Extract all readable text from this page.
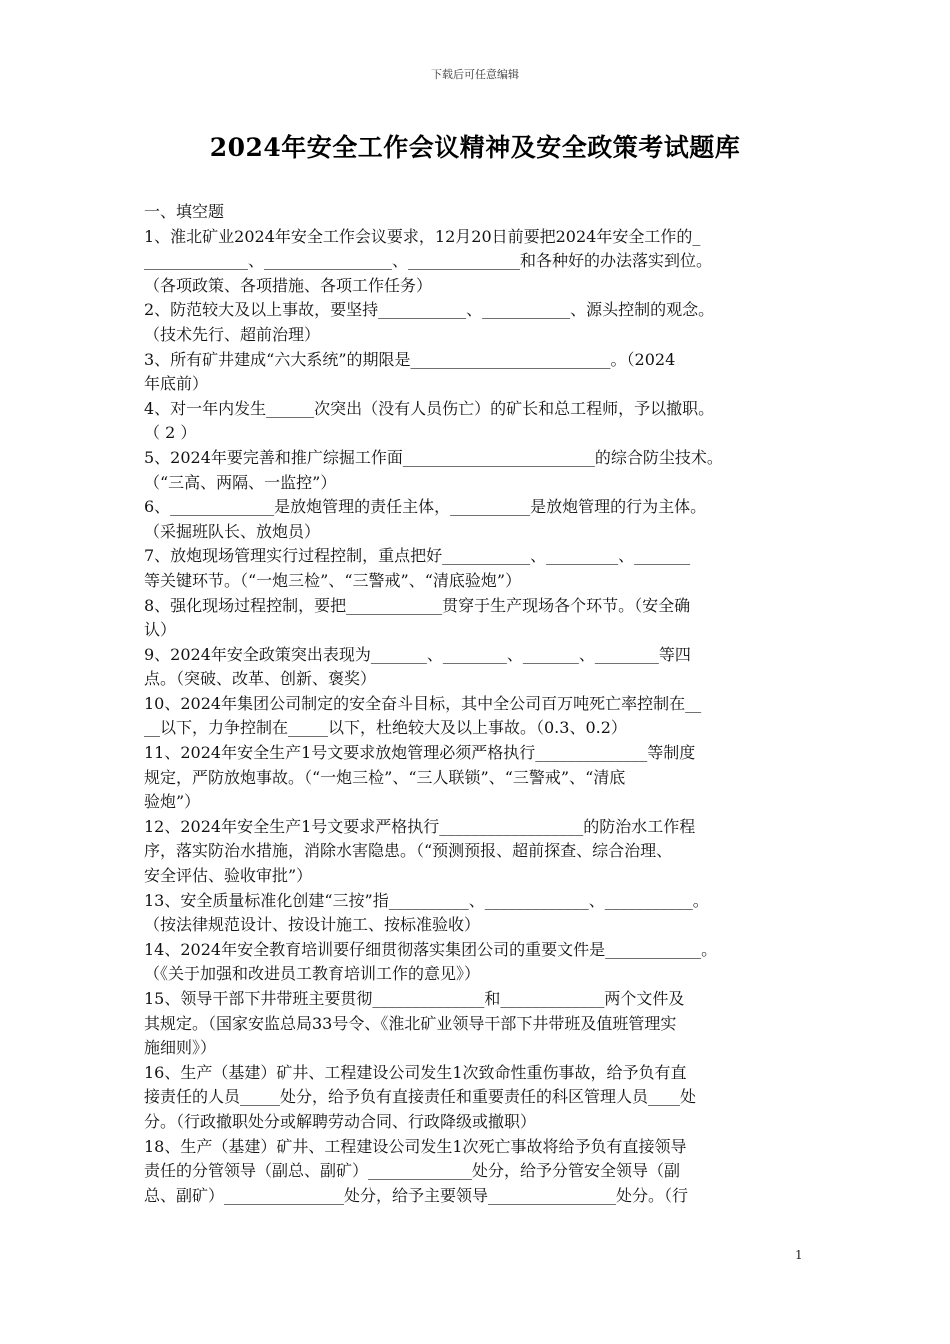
下载后可任意编辑
2024年安全工作会议精神及安全政策考试题库
一、填空题
1、淮北矿业2024年安全工作会议要求，12月20日前要把2024年安全工作的_
_____________、________________、______________和各种好的办法落实到位。
（各项政策、各项措施、各项工作任务）
2、防范较大及以上事故，要坚持___________、___________、源头控制的观念。
（技术先行、超前治理）
3、所有矿井建成“六大系统”的期限是_________________________。（2024
年底前）
4、对一年内发生______次突出（没有人员伤亡）的矿长和总工程师，予以撤职。
（ 2 ）
5、2024年要完善和推广综掘工作面________________________的综合防尘技术。
（“三高、两隔、一监控”）
6、_____________是放炮管理的责任主体，__________是放炮管理的行为主体。
（采掘班队长、放炮员）
7、放炮现场管理实行过程控制，重点把好___________、_________、_______
等关键环节。（“一炮三检”、“三警戒”、“清底验炮”）
8、强化现场过程控制，要把____________贯穿于生产现场各个环节。（安全确
认）
9、2024年安全政策突出表现为_______、________、_______、________等四
点。（突破、改革、创新、褒奖）
10、2024年集团公司制定的安全奋斗目标，其中全公司百万吨死亡率控制在__
__以下，力争控制在_____以下，杜绝较大及以上事故。（0.3、0.2）
11、2024年安全生产1号文要求放炮管理必须严格执行______________等制度
规定，严防放炮事故。（“一炮三检”、“三人联锁”、“三警戒”、“清底
验炮”）
12、2024年安全生产1号文要求严格执行__________________的防治水工作程
序，落实防治水措施，消除水害隐患。（“预测预报、超前探查、综合治理、
安全评估、验收审批”）
13、安全质量标准化创建“三按”指__________、_____________、___________。
（按法律规范设计、按设计施工、按标准验收）
14、2024年安全教育培训要仔细贯彻落实集团公司的重要文件是____________。
（《关于加强和改进员工教育培训工作的意见》）
15、领导干部下井带班主要贯彻______________和_____________两个文件及
其规定。（国家安监总局33号令、《淮北矿业领导干部下井带班及值班管理实
施细则》）
16、生产（基建）矿井、工程建设公司发生1次致命性重伤事故，给予负有直
接责任的人员_____处分，给予负有直接责任和重要责任的科区管理人员____处
分。（行政撤职处分或解聘劳动合同、行政降级或撤职）
18、生产（基建）矿井、工程建设公司发生1次死亡事故将给予负有直接领导
责任的分管领导（副总、副矿）_____________处分，给予分管安全领导（副
总、副矿）_______________处分，给予主要领导________________处分。（行
1
